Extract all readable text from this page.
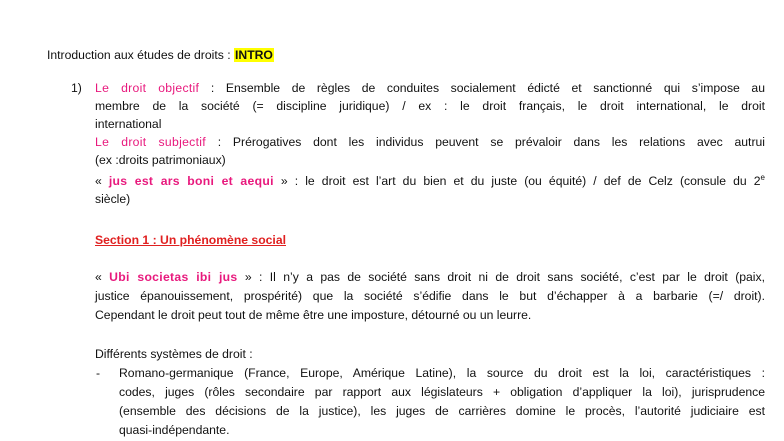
Introduction aux études de droits : INTRO
1) Le droit objectif : Ensemble de règles de conduites socialement édicté et sanctionné qui s’impose au
membre de la société (= discipline juridique) / ex : le droit français, le droit international, le droit
international
Le droit subjectif : Prérogatives dont les individus peuvent se prévaloir dans les relations avec autrui
(ex :droits patrimoniaux)
« jus est ars boni et aequi » : le droit est l’art du bien et du juste (ou équité) / def de Celz (consule du 2e
siècle)
Section 1 : Un phénomène social
« Ubi societas ibi jus » : Il n’y a pas de société sans droit ni de droit sans société, c’est par le droit (paix,
justice épanouissement, prospérité) que la société s’édifie dans le but d’échapper à a barbarie (=/ droit).
Cependant le droit peut tout de même être une imposture, détourné ou un leurre.
Différents systèmes de droit :
- Romano-germanique (France, Europe, Amérique Latine), la source du droit est la loi, caractéristiques :
codes, juges (rôles secondaire par rapport aux législateurs + obligation d’appliquer la loi), jurisprudence
(ensemble des décisions de la justice), les juges de carrières domine le procès, l’autorité judiciaire est
quasi-indépendante.
